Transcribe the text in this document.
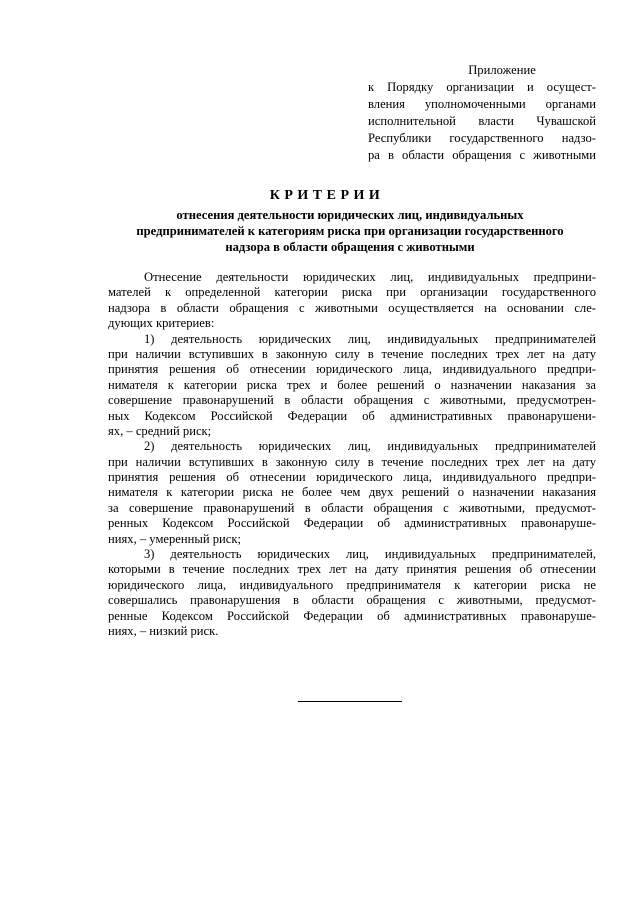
Приложение
к Порядку организации и осущест-
вления уполномоченными органами
исполнительной власти Чувашской
Республики государственного надзо-
ра в области обращения с животными
КРИТЕРИИ
отнесения деятельности юридических лиц, индивидуальных
предпринимателей к категориям риска при организации государственного
надзора в области обращения с животными
Отнесение деятельности юридических лиц, индивидуальных предприни-
мателей к определенной категории риска при организации государственного
надзора в области обращения с животными осуществляется на основании сле-
дующих критериев:
1) деятельность юридических лиц, индивидуальных предпринимателей
при наличии вступивших в законную силу в течение последних трех лет на дату
принятия решения об отнесении юридического лица, индивидуального предпри-
нимателя к категории риска трех и более решений о назначении наказания за
совершение правонарушений в области обращения с животными, предусмотрен-
ных Кодексом Российской Федерации об административных правонарушени-
ях, – средний риск;
2) деятельность юридических лиц, индивидуальных предпринимателей
при наличии вступивших в законную силу в течение последних трех лет на дату
принятия решения об отнесении юридического лица, индивидуального предпри-
нимателя к категории риска не более чем двух решений о назначении наказания
за совершение правонарушений в области обращения с животными, предусмот-
ренных Кодексом Российской Федерации об административных правонаруше-
ниях, – умеренный риск;
3) деятельность юридических лиц, индивидуальных предпринимателей,
которыми в течение последних трех лет на дату принятия решения об отнесении
юридического лица, индивидуального предпринимателя к категории риска не
совершались правонарушения в области обращения с животными, предусмот-
ренные Кодексом Российской Федерации об административных правонаруше-
ниях, – низкий риск.
